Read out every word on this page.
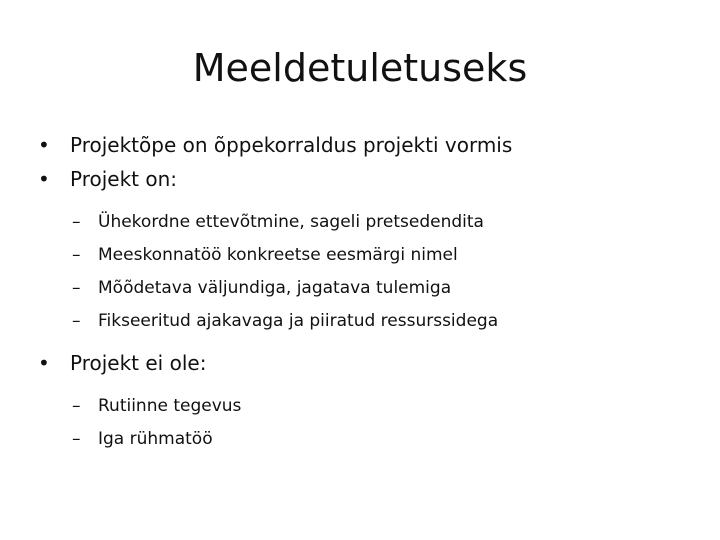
Meeldetuletuseks
• Projektõpe on õppekorraldus projekti vormis
• Projekt on:
– Ühekordne ettevõtmine, sageli pretsedendita
– Meeskonnatöö konkreetse eesmärgi nimel
– Mõõdetava väljundiga, jagatava tulemiga
– Fikseeritud ajakavaga ja piiratud ressurssidega
• Projekt ei ole:
– Rutiinne tegevus
– Iga rühmatöö
